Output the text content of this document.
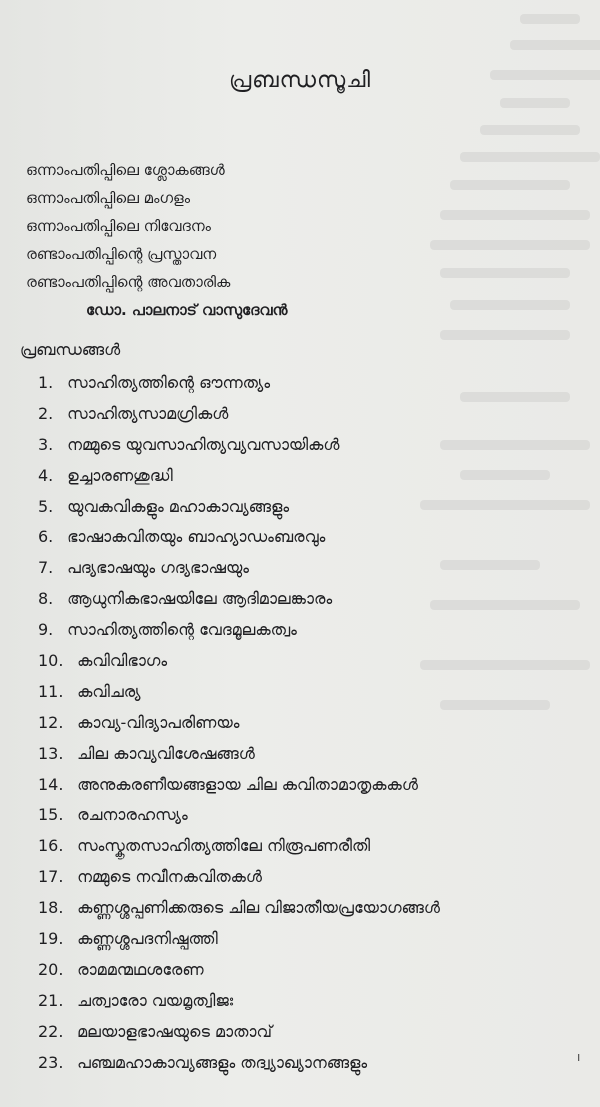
പ്രബന്ധസൂചി
ഒന്നാംപതിപ്പിലെ ശ്ലോകങ്ങൾ
ഒന്നാംപതിപ്പിലെ മംഗളം
ഒന്നാംപതിപ്പിലെ നിവേദനം
രണ്ടാംപതിപ്പിന്റെ പ്രസ്താവന
രണ്ടാംപതിപ്പിന്റെ അവതാരിക
ഡോ. പാലനാട് വാസുദേവൻ
പ്രബന്ധങ്ങൾ
1. സാഹിത്യത്തിന്റെ ഔന്നത്യം
2. സാഹിത്യസാമഗ്രികൾ
3. നമ്മുടെ യുവസാഹിത്യവ്യവസായികൾ
4. ഉച്ചാരണശുദ്ധി
5. യുവകവികളും മഹാകാവ്യങ്ങളും
6. ഭാഷാകവിതയും ബാഹ്യാഡംബരവും
7. പദ്യഭാഷയും ഗദ്യഭാഷയും
8. ആധുനികഭാഷയിലേ ആദിമാലങ്കാരം
9. സാഹിത്യത്തിന്റെ വേദമൂലകത്വം
10. കവിവിഭാഗം
11. കവിചര്യ
12. കാവ്യ-വിദ്യാപരിണയം
13. ചില കാവ്യവിശേഷങ്ങൾ
14. അനുകരണീയങ്ങളായ ചില കവിതാമാതൃകകൾ
15. രചനാരഹസ്യം
16. സംസ്കൃതസാഹിത്യത്തിലേ നിരൂപണരീതി
17. നമ്മുടെ നവീനകവിതകൾ
18. കണ്ണശ്ശപ്പണിക്കരുടെ ചില വിജാതീയപ്രയോഗങ്ങൾ
19. കണ്ണശ്ശപദനിഷ്പത്തി
20. രാമമന്മഥശരേണ
21. ചത്വാരോ വയമൃത്വിജഃ
22. മലയാളഭാഷയുടെ മാതാവ്
23. പഞ്ചമഹാകാവ്യങ്ങളും തദ്വ്യാഖ്യാനങ്ങളും	ı
